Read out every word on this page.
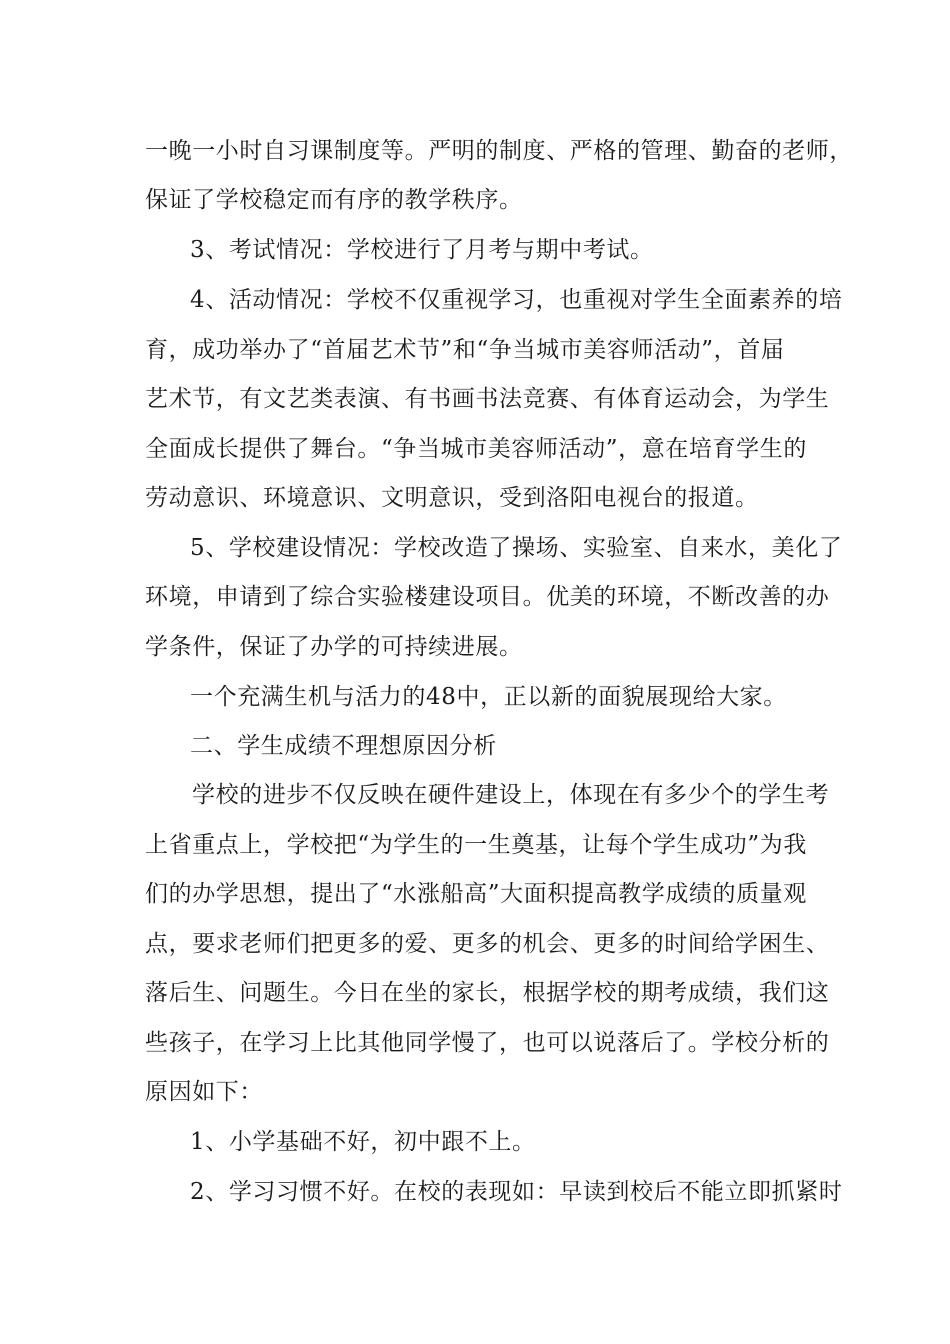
一晚一小时自习课制度等。严明的制度、严格的管理、勤奋的老师，
保证了学校稳定而有序的教学秩序。
3、考试情况：学校进行了月考与期中考试。
4、活动情况：学校不仅重视学习，也重视对学生全面素养的培
育，成功举办了“首届艺术节”和“争当城市美容师活动”，首届
艺术节，有文艺类表演、有书画书法竞赛、有体育运动会，为学生
全面成长提供了舞台。“争当城市美容师活动”，意在培育学生的
劳动意识、环境意识、文明意识，受到洛阳电视台的报道。
5、学校建设情况：学校改造了操场、实验室、自来水，美化了
环境，申请到了综合实验楼建设项目。优美的环境，不断改善的办
学条件，保证了办学的可持续进展。
一个充满生机与活力的48中，正以新的面貌展现给大家。
二、学生成绩不理想原因分析
学校的进步不仅反映在硬件建设上，体现在有多少个的学生考
上省重点上，学校把“为学生的一生奠基，让每个学生成功”为我
们的办学思想，提出了“水涨船高”大面积提高教学成绩的质量观
点，要求老师们把更多的爱、更多的机会、更多的时间给学困生、
落后生、问题生。今日在坐的家长，根据学校的期考成绩，我们这
些孩子，在学习上比其他同学慢了，也可以说落后了。学校分析的
原因如下：
1、小学基础不好，初中跟不上。
2、学习习惯不好。在校的表现如：早读到校后不能立即抓紧时
